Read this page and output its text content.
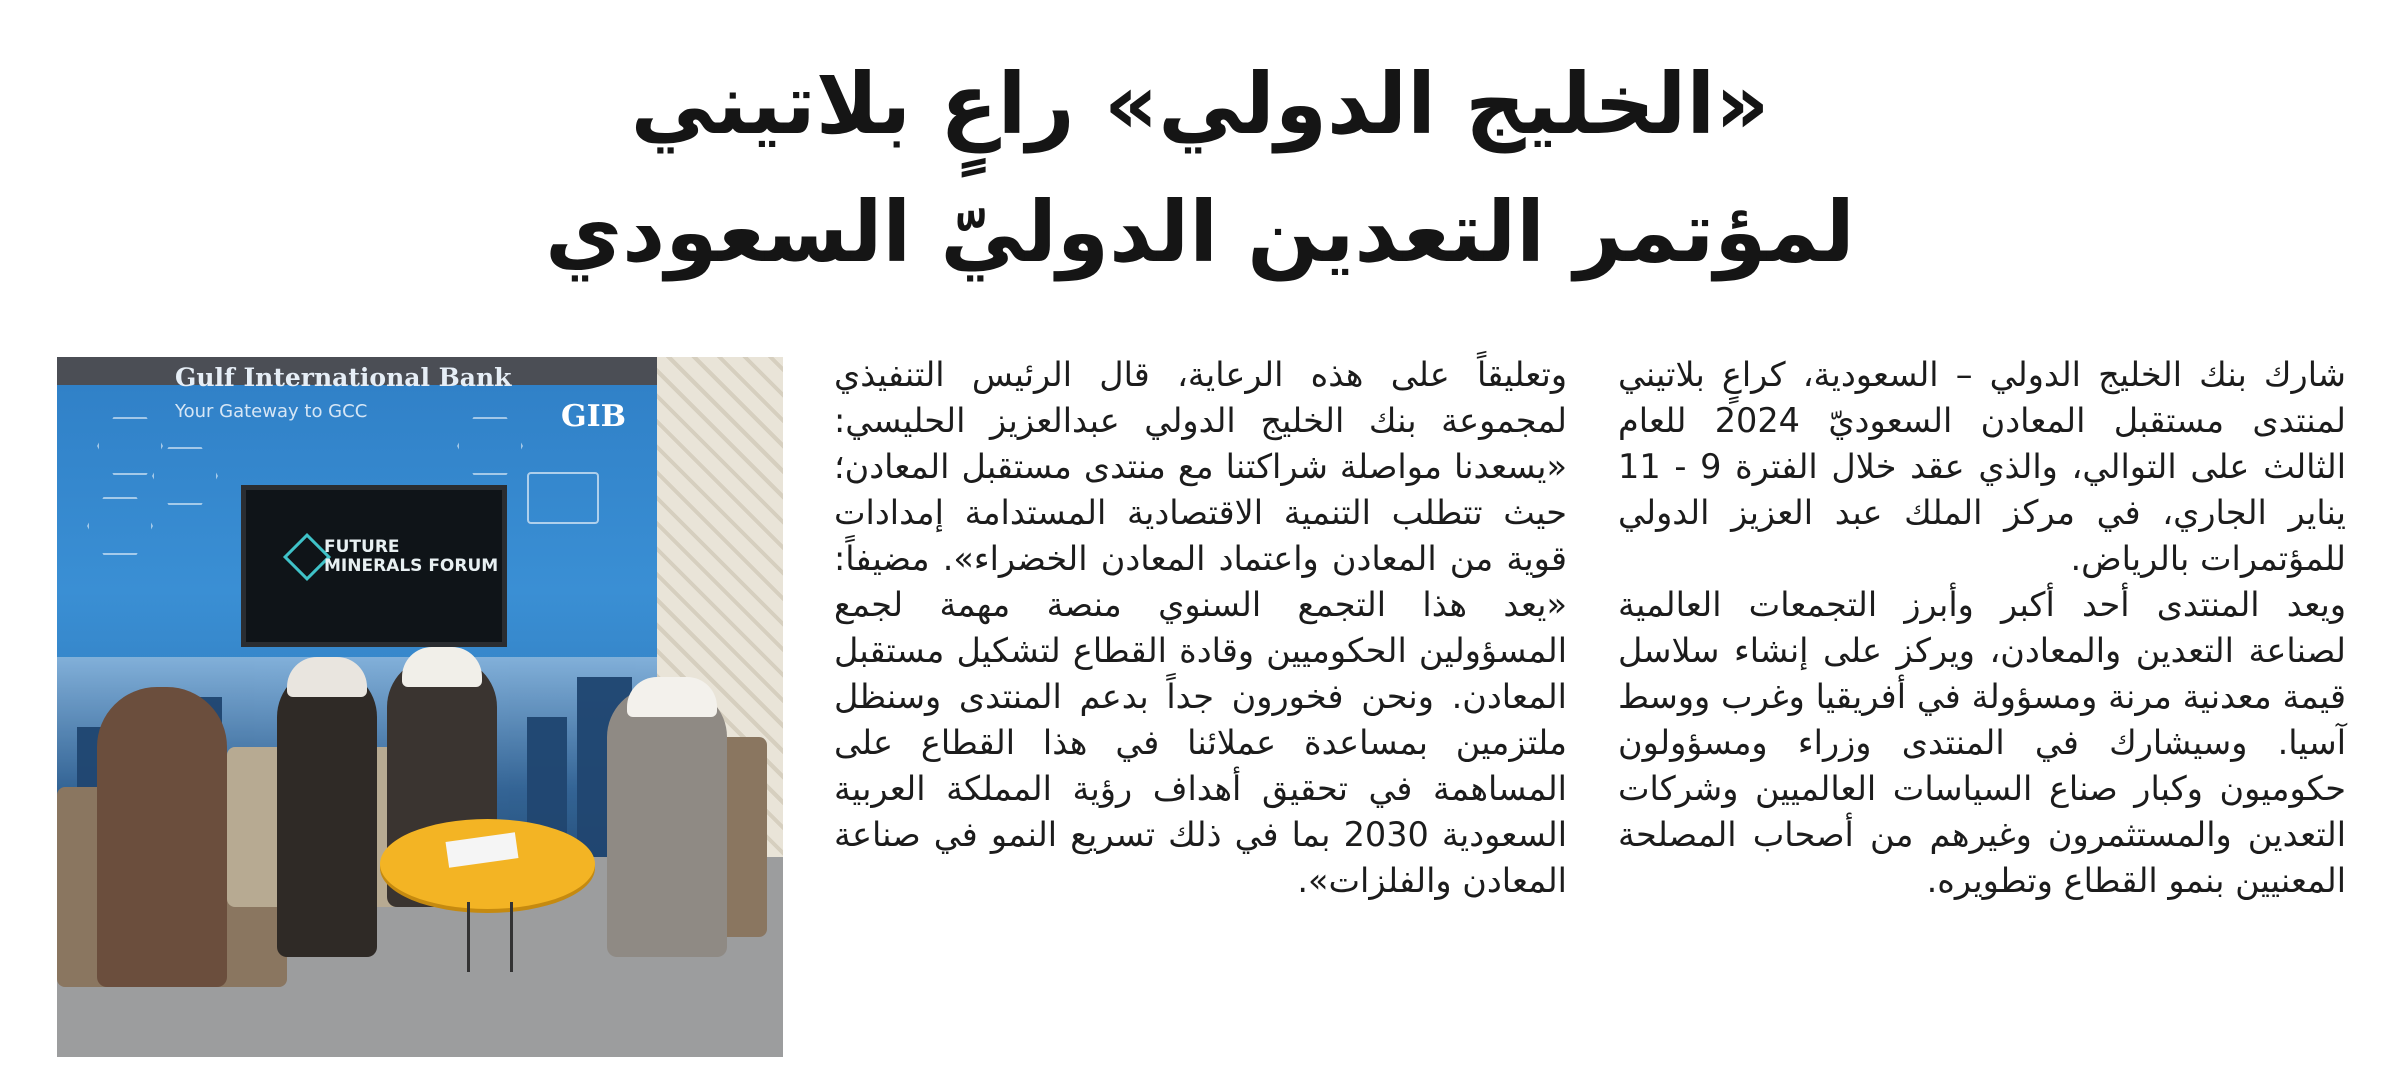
«الخليج الدولي» راعٍ بلاتيني
لمؤتمر التعدين الدوليّ السعودي

شارك بنك الخليج الدولي – السعودية، كراعٍ بلاتيني لمنتدى مستقبل المعادن السعوديّ 2024 للعام الثالث على التوالي، والذي عقد خلال الفترة 9 - 11 يناير الجاري، في مركز الملك عبد العزيز الدولي للمؤتمرات بالرياض.

ويعد المنتدى أحد أكبر وأبرز التجمعات العالمية لصناعة التعدين والمعادن، ويركز على إنشاء سلاسل قيمة معدنية مرنة ومسؤولة في أفريقيا وغرب ووسط آسيا. وسيشارك في المنتدى وزراء ومسؤولون حكوميون وكبار صناع السياسات العالميين وشركات التعدين والمستثمرون وغيرهم من أصحاب المصلحة المعنيين بنمو القطاع وتطويره.

وتعليقاً على هذه الرعاية، قال الرئيس التنفيذي لمجموعة بنك الخليج الدولي عبدالعزيز الحليسي: «يسعدنا مواصلة شراكتنا مع منتدى مستقبل المعادن؛ حيث تتطلب التنمية الاقتصادية المستدامة إمدادات قوية من المعادن واعتماد المعادن الخضراء». مضيفاً: «يعد هذا التجمع السنوي منصة مهمة لجمع المسؤولين الحكوميين وقادة القطاع لتشكيل مستقبل المعادن. ونحن فخورون جداً بدعم المنتدى وسنظل ملتزمين بمساعدة عملائنا في هذا القطاع على المساهمة في تحقيق أهداف رؤية المملكة العربية السعودية 2030 بما في ذلك تسريع النمو في صناعة المعادن والفلزات».

Gulf International Bank
Your Gateway to GCC	GIB
FUTURE MINERALS FORUM
